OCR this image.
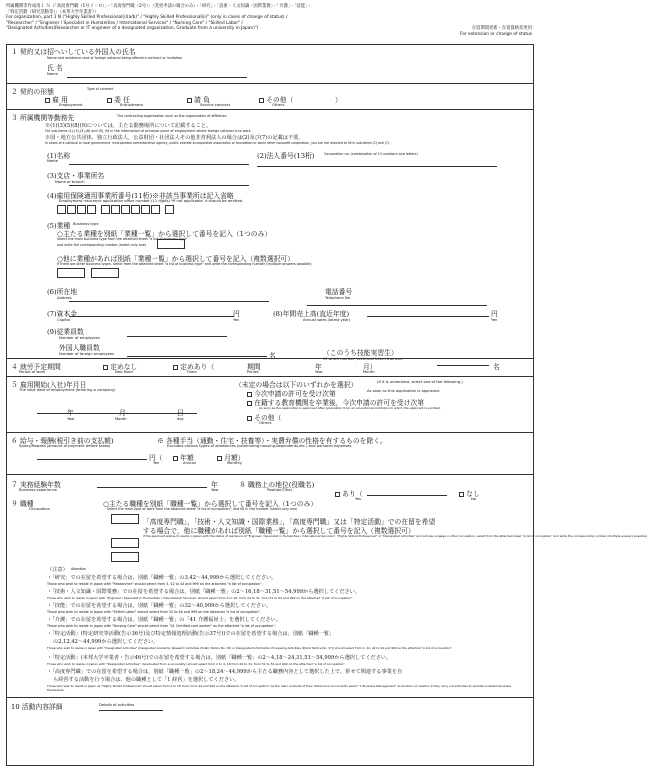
所属機関等作成用１ Ｎ（「高度専門職（1号イ・ロ）」・「高度専門職（2号）」（変更申請の場合のみ）・「研究」・「技術・人文知識・国際業務」・「介護」・「技能」・
「特定活動（研究活動等）」（本邦大学卒業者））
For organization, part 1 N ("Highly Skilled Professional(i)(a/b)" / "Highly Skilled Professional(ii)" (only in cases of change of status) /
"Researcher" / "Engineer / Specialist in Humanities / International Services" / "Nursing Care" / "Skilled Labor" /
"Designated Activities(Researcher or IT engineer of a designated organization, Graduate from a university in Japan)")	在留期間更新・在留資格変更用
For extension or change of status
１ 契約又は招へいしている外国人の氏名
Name and residence card of foreign national being offered a contract or invitation
氏 名
Name
２ 契約の形態	Type of contract
雇 用
Employment
委 任
Entrustment
請 負
Service contract
その他（	）
Others
３ 所属機関等勤務先	The contracting organization such as the organization of affiliation
※(1)(3)(5)(8)(9)については，主たる勤務場所について記載すること。
For sub-items (1),(3),(5),(8) and (9), fill in the information of principal place of employment where foreign national is to work.
※国・地方公共団体，独立行政法人，公益財団・社団法人その他非営利法人の場合は(2)及び(7)の記載は不要。
In cases of a national or local government, incorporated administrative agency, public interest incorporated association or foundation or some other nonprofit corporation, you are not required to fill in sub-items (2) and (7).
(1)名称
Name
(2)法人番号(13桁)	Corporation no. (combination of 13 numbers and letters)
(3)支店・事業所名
Name of branch
(4)雇用保険適用事業所番号(11桁)※非該当事業所は記入省略
Employment insurance application office number (11 digits) *If not applicable, it should be omitted.
(5)業種 Business type
○主たる業種を別紙「業種一覧」から選択して番号を記入（1つのみ）
Select the main business type from the attached sheet "a list of business type"
and write the corresponding number (select only one)
○他に業種があれば別紙「業種一覧」から選択して番号を記入（複数選択可）
If there are other business types, select from the attached sheet "a list of business type" and write the corresponding number (multiple answers possible)
(6)所在地
Address
電話番号
Telephone No.
(7)資本金
Capital
円
Yen
(8)年間売上高(直近年度)
Annual sales (latest year)
円
Yen
(9)従業員数
Number of employees
外国人職員数
Number of foreign employees	名	（このうち技能実習生）
Of which number, technical intern trainees
名
４ 就労予定期間
Period of work
定めなし
Non-fixed
定めあり（
Fixed
期間
Period
年
Year
月）
Month
５ 雇用開始(入社)年月日
The start date of employment (entering a company)
年
Year
月
Month
日
day
（未定の場合は以下のいずれかを選択）	(If it is undecided, select one of the following.)
今次申請の許可を受け次第	As soon as this application is approved.
在籍する教育機関を卒業後，今次申請の許可を受け次第
As soon as the application is approved after graduation from an educational institution in which the applicant is enrolled.
その他（
Others
６ 給与・報酬(税引き前の支払額)
Salary/Reward (amount of payment before taxes)
※ 各種手当（通勤・住宅・扶養等）・実費弁償の性格を有するものを除く。
Excludes various types of allowances (commuting,housing,dependents,etc.) and personal expenses.
円（
Yen
年額
Annual
月額）
Monthly
７ 実務経験年数
Business experience
年
Year
８ 職務上の地位(役職名)
Position(Title)	あり（
Yes
なし
No
９ 職種
Occupation
○主たる職種を別紙「職種一覧」から選択して番号を記入（1つのみ）
Select the main type of work from the attached sheet "a list of occupation", and fill in the number (select only one)
「高度専門職」，「技術・人文知識・国際業務」，「高度専門職」又は「特定活動」での在留を希望
する場合で，他に職種があれば別紙「職種一覧」から選択して番号を記入（複数選択可）
If the applicant wishes to reside in Japan with the status of residence of "Engineer / Specialist in Humanities / International Services", "Highly Skilled Professional" or "Designated Activities" and will also engage in other occupation, select from the attached sheet "a list of occupation" and write the corresponding number (multiple answers possible)
（注意） Attention
・「研究」での在留を希望する場合は，別紙「職種一覧」の3.42～44,999から選択してください。
Those who wish to reside in Japan with "Researcher" should select from 3, 42 to 44 and 999 on the attached "a list of occupation".
・「技術・人文知識・国際業務」での在留を希望する場合は，別紙「職種一覧」の2～16,18～31,51～54,999から選択してください。
Those who wish to reside in Japan with "Engineer / Specialist in Humanities / International Services" should select from 2 to 16, from 24 to 31, from 51 to 54 and 999 on the attached "a list of occupation".
・「技能」での在留を希望する場合は，別紙「職種一覧」の32～40,999から選択してください。
Those who wish to reside in Japan with "Skilled Labor" should select from 32 to 40 and 999 on the attached "a list of occupation".
・「介護」での在留を希望する場合は，別紙「職種一覧」の「41 介護福祉士」を選択してください。
Those who wish to reside in Japan with "Nursing Care" should select from "41 Certified care worker" on the attached "a list of occupation".
・「特定活動」(特定研究等活動(告示36号)及び特定情報処理活動(告示37号))での在留を希望する場合は，別紙「職種一覧」
の2,12,42～44,999から選択してください。
Those who wish to reside in Japan with "Designated Activities" (Designated Academic Research Activities (Public Notice No. 36) or Designated Information Processing Activities (Public Notice No. 37)) should select from 2, 12, 42 to 44 and 999 on the attached "a list of occupation".
・「特定活動」(本邦大学卒業者・告示46号)での在留を希望する場合は，別紙「職種一覧」の2～4,18～24,31,51～54,999から選択してください。
Those who wish to reside in Japan with "Designated Activities" (Graduated from a university) should select from 2 to 4, 18 from 24 to 31, from 51 to 54 and 999 on the attached "a list of occupation".
・「高度専門職」での在留を希望する場合は，別紙「職種一覧」の2～18,24～44,999から主たる職務内容として選択した上で，併せて関連する事業を自
ら経営する活動を行う場合は，他の職種として「1 経営」を選択してください。
Those who wish to reside in Japan as "Highly Skilled Professional" should select from 2 to 18, from 24 to 44 and 999 on the attached "a list of occupation" as the main contents of their duties and concurrently select "1 Business Management" as another occupation if they carry out activities to operate a related business themselves.
10 活動内容詳細	Details of activities
